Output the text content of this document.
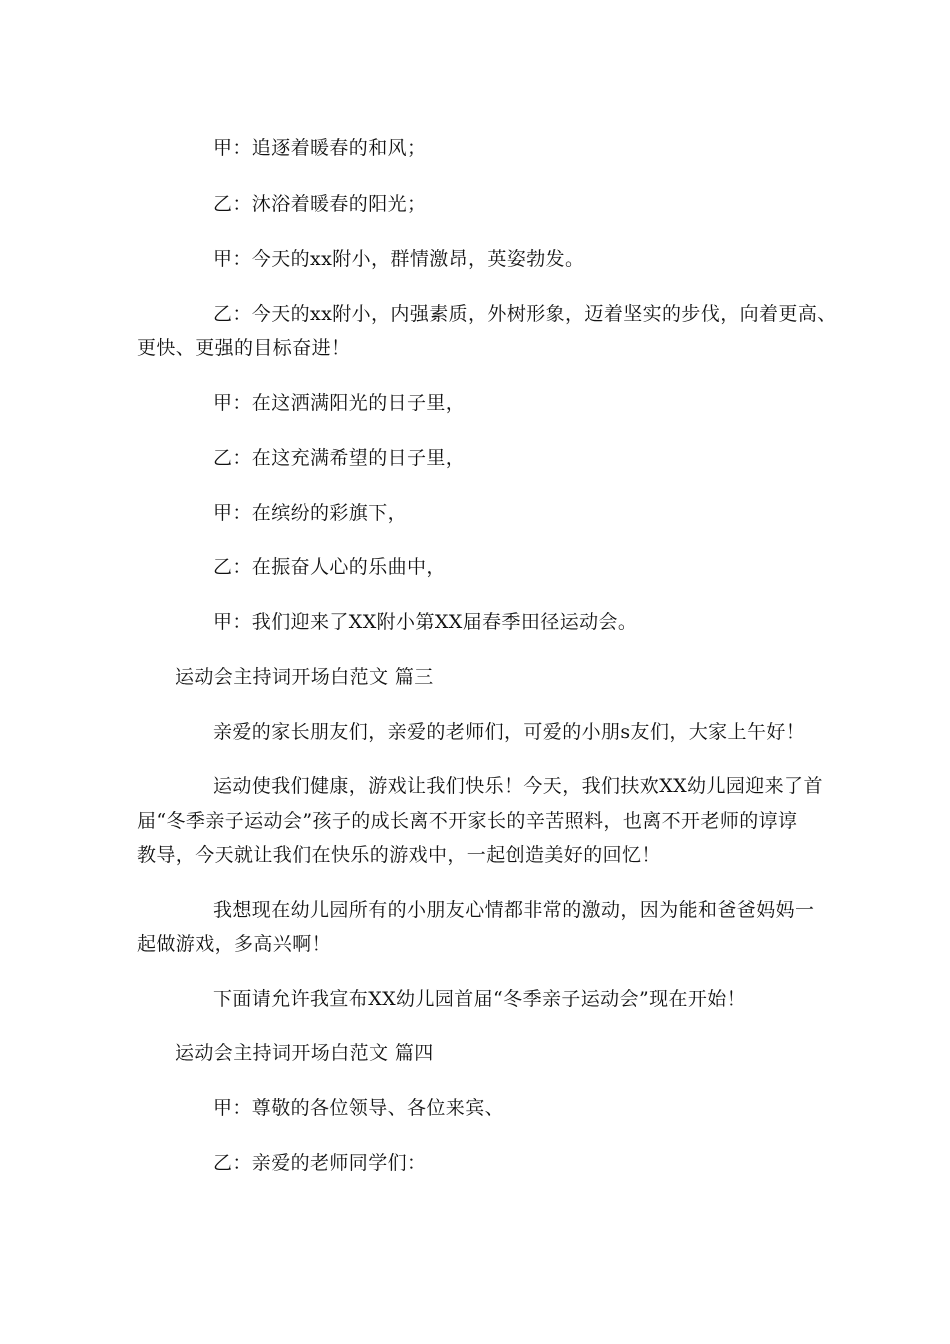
甲：追逐着暖春的和风；
乙：沐浴着暖春的阳光；
甲：今天的xx附小，群情激昂，英姿勃发。
乙：今天的xx附小，内强素质，外树形象，迈着坚实的步伐，向着更高、
更快、更强的目标奋进！
甲：在这洒满阳光的日子里，
乙：在这充满希望的日子里，
甲：在缤纷的彩旗下，
乙：在振奋人心的乐曲中，
甲：我们迎来了XX附小第XX届春季田径运动会。
运动会主持词开场白范文 篇三
亲爱的家长朋友们，亲爱的老师们，可爱的小朋s友们，大家上午好！
运动使我们健康，游戏让我们快乐！今天，我们扶欢XX幼儿园迎来了首
届“冬季亲子运动会”孩子的成长离不开家长的辛苦照料，也离不开老师的谆谆
教导，今天就让我们在快乐的游戏中，一起创造美好的回忆！
我想现在幼儿园所有的小朋友心情都非常的激动，因为能和爸爸妈妈一
起做游戏，多高兴啊！
下面请允许我宣布XX幼儿园首届“冬季亲子运动会”现在开始！
运动会主持词开场白范文 篇四
甲：尊敬的各位领导、各位来宾、
乙：亲爱的老师同学们：
